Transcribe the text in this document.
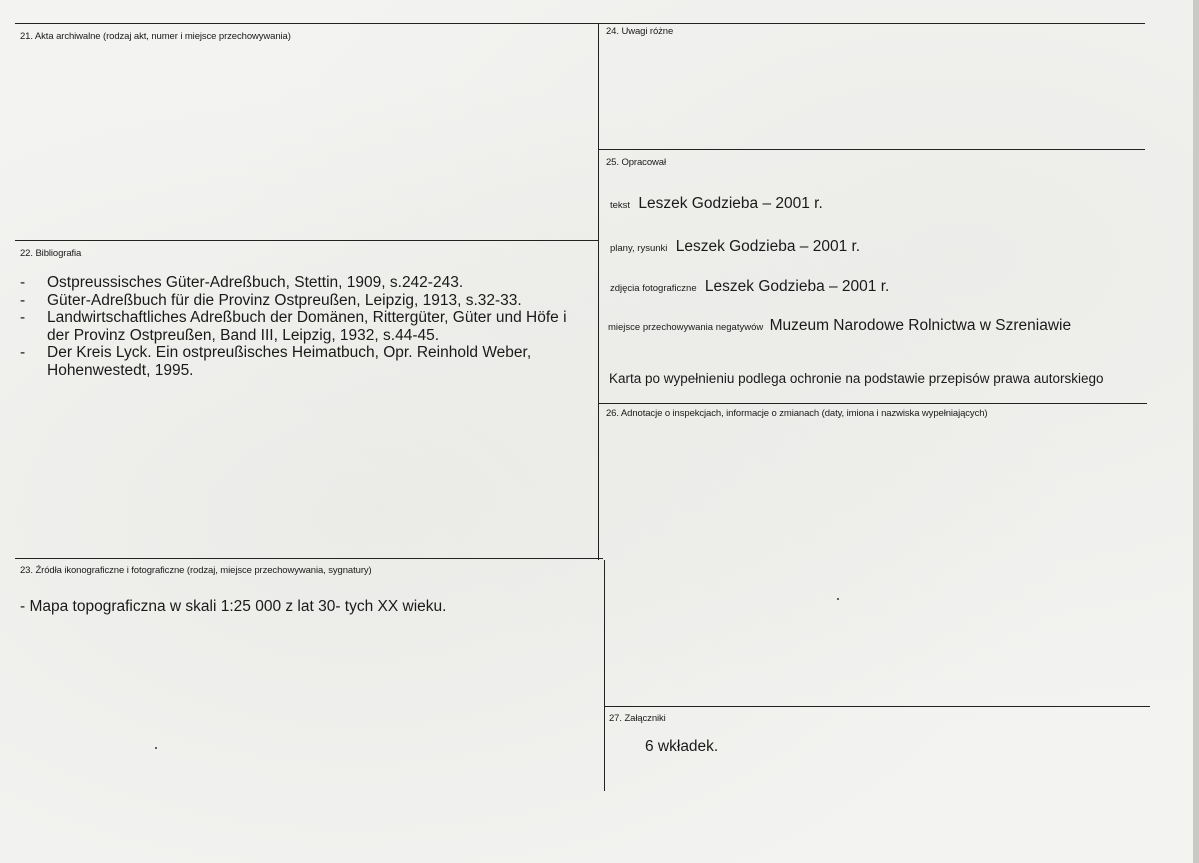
21. Akta archiwalne (rodzaj akt, numer i miejsce przechowywania)
22. Bibliografia
- Ostpreussisches Güter-Adreßbuch, Stettin, 1909, s.242-243.
- Güter-Adreßbuch für die Provinz Ostpreußen, Leipzig, 1913, s.32-33.
- Landwirtschaftliches Adreßbuch der Domänen, Rittergüter, Güter und Höfe i der Provinz Ostpreußen, Band III, Leipzig, 1932, s.44-45.
- Der Kreis Lyck. Ein ostpreußisches Heimatbuch, Opr. Reinhold Weber, Hohenwestedt, 1995.
23. Źródła ikonograficzne i fotograficzne (rodzaj, miejsce przechowywania, sygnatury)
- Mapa topograficzna w skali 1:25 000 z lat 30- tych XX wieku.
24. Uwagi różne
25. Opracował
tekst Leszek Godzieba – 2001 r.
plany, rysunki Leszek Godzieba – 2001 r.
zdjęcia fotograficzne Leszek Godzieba – 2001 r.
miejsce przechowywania negatywów Muzeum Narodowe Rolnictwa w Szreniawie
Karta po wypełnieniu podlega ochronie na podstawie przepisów prawa autorskiego
26. Adnotacje o inspekcjach, informacje o zmianach (daty, imiona i nazwiska wypełniających)
27. Załączniki
6 wkładek.
